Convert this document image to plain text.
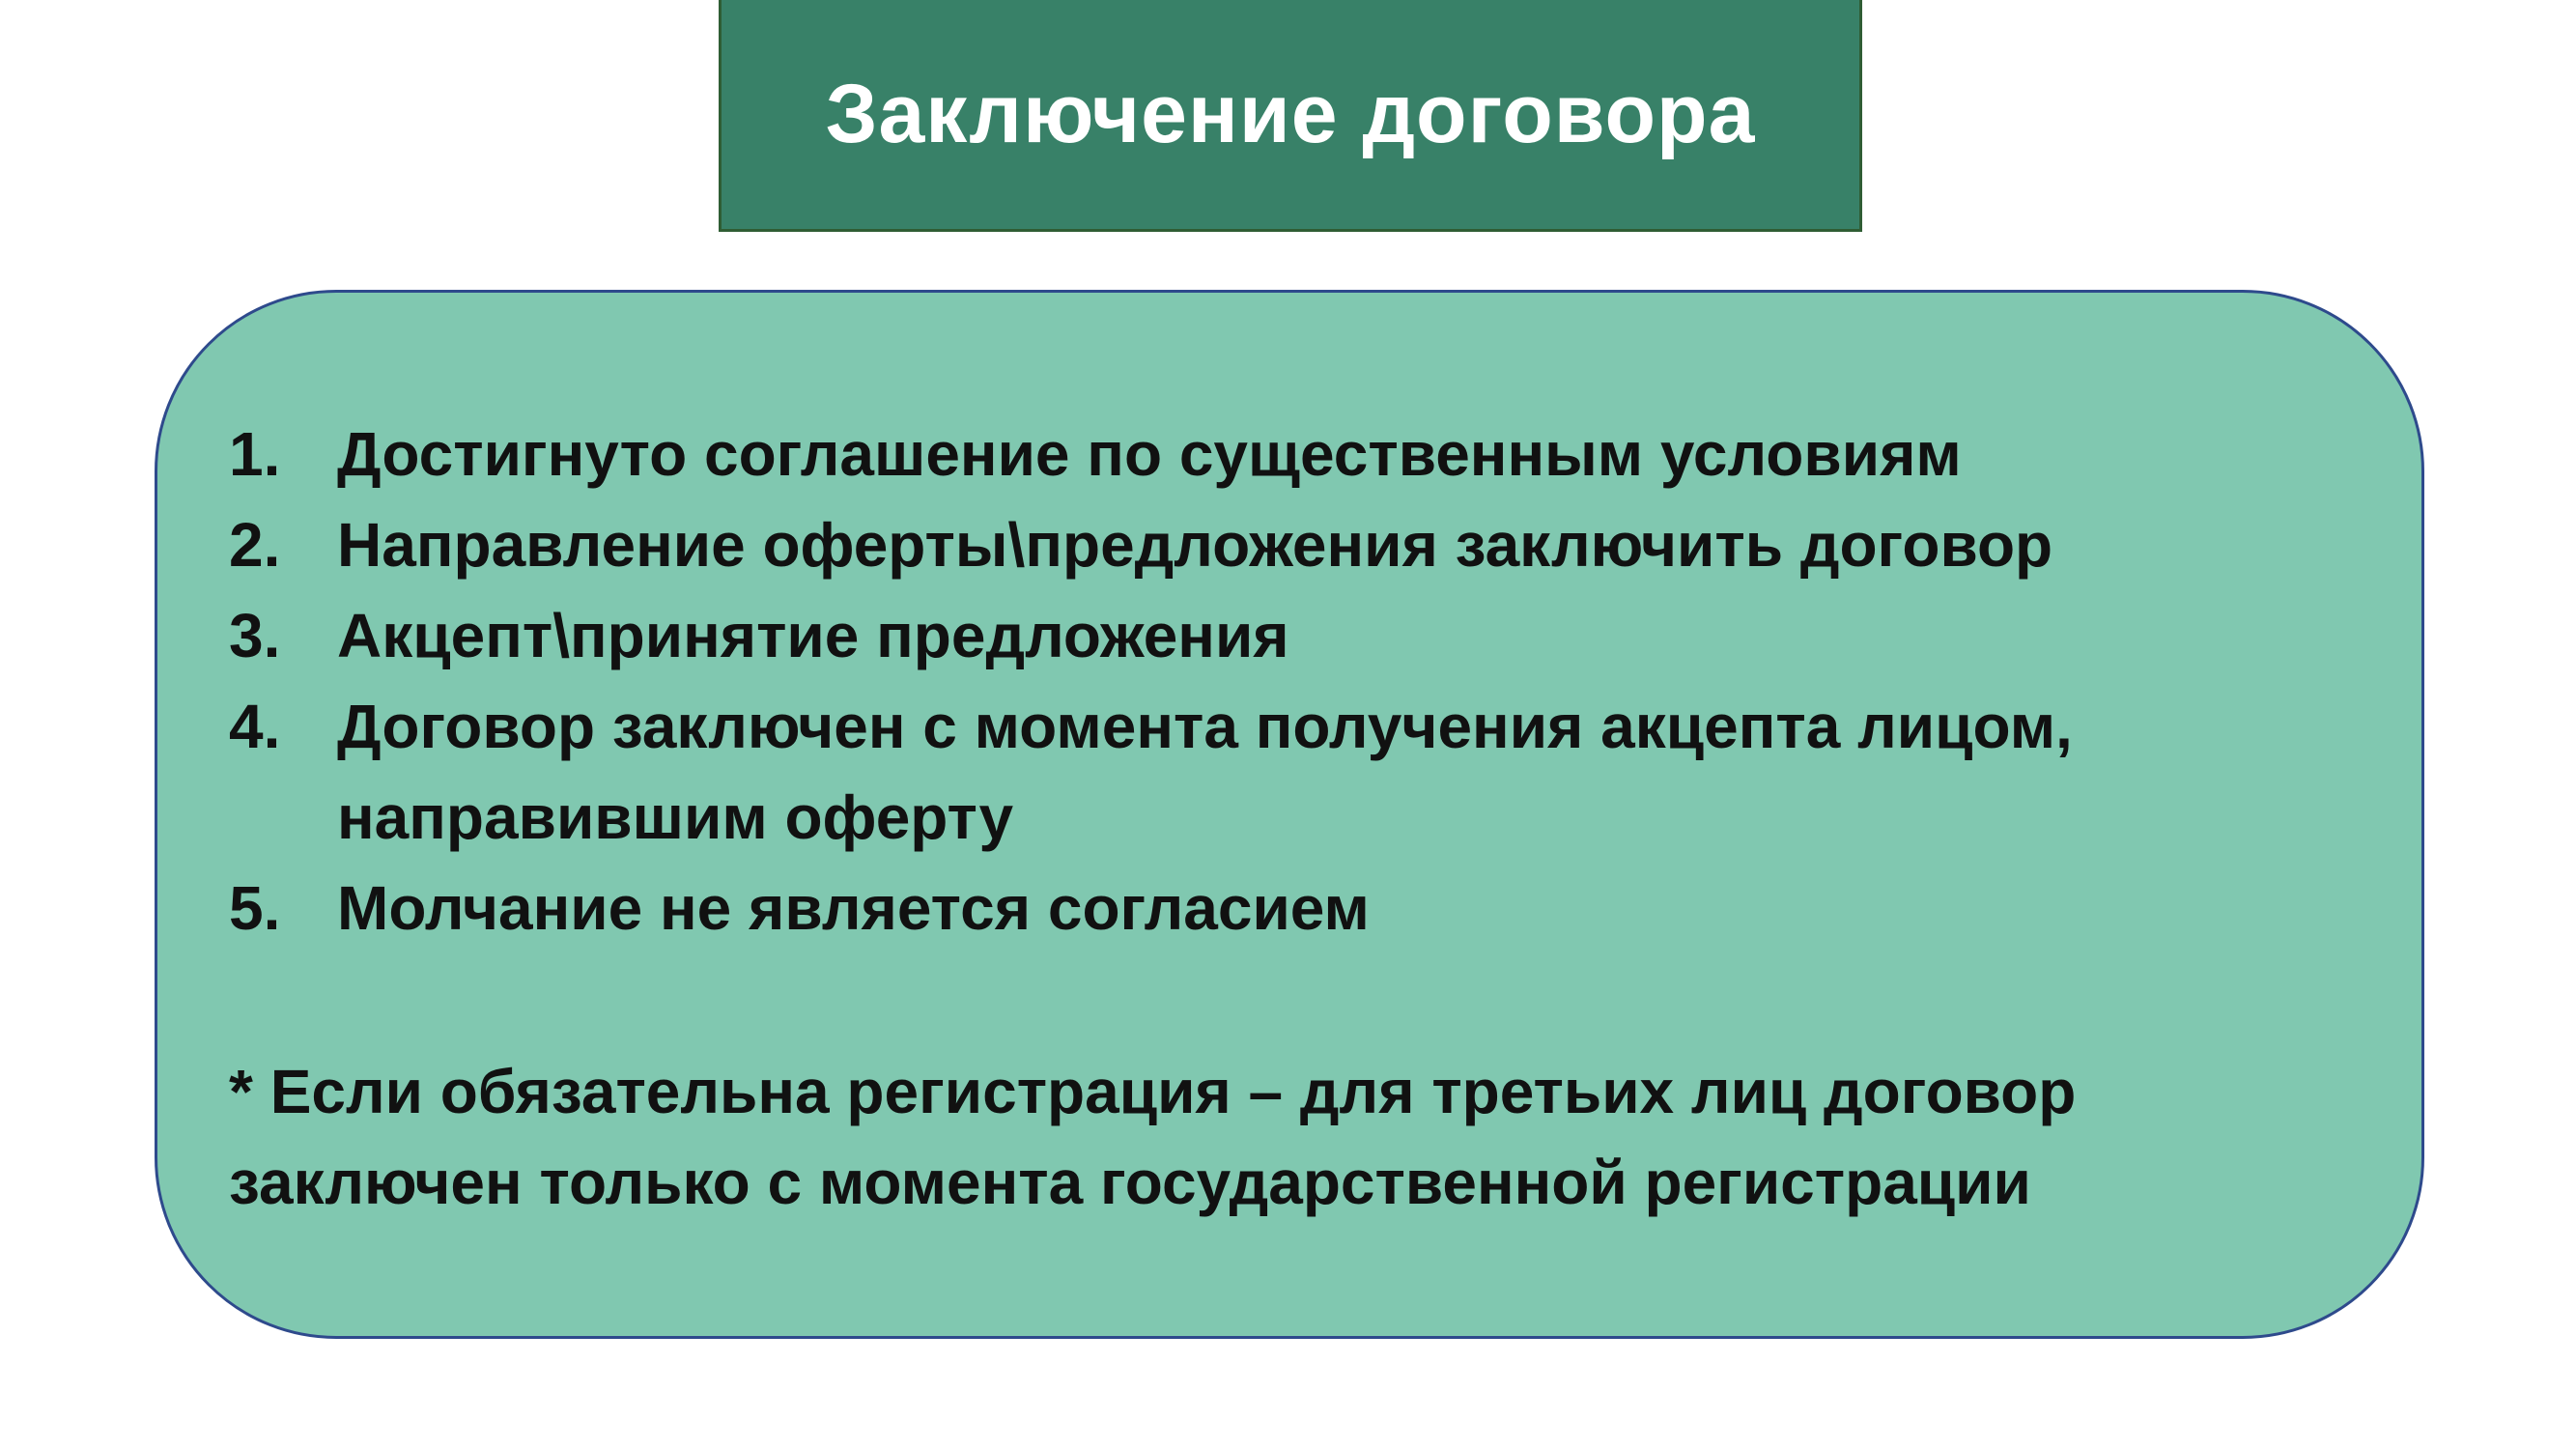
Заключение договора
1. Достигнуто соглашение по существенным условиям
2. Направление оферты\предложения заключить договор
3. Акцепт\принятие предложения
4. Договор заключен с момента получения акцепта лицом, направившим оферту
5. Молчание не является согласием

* Если обязательна регистрация – для третьих лиц договор заключен только с момента государственной регистрации
